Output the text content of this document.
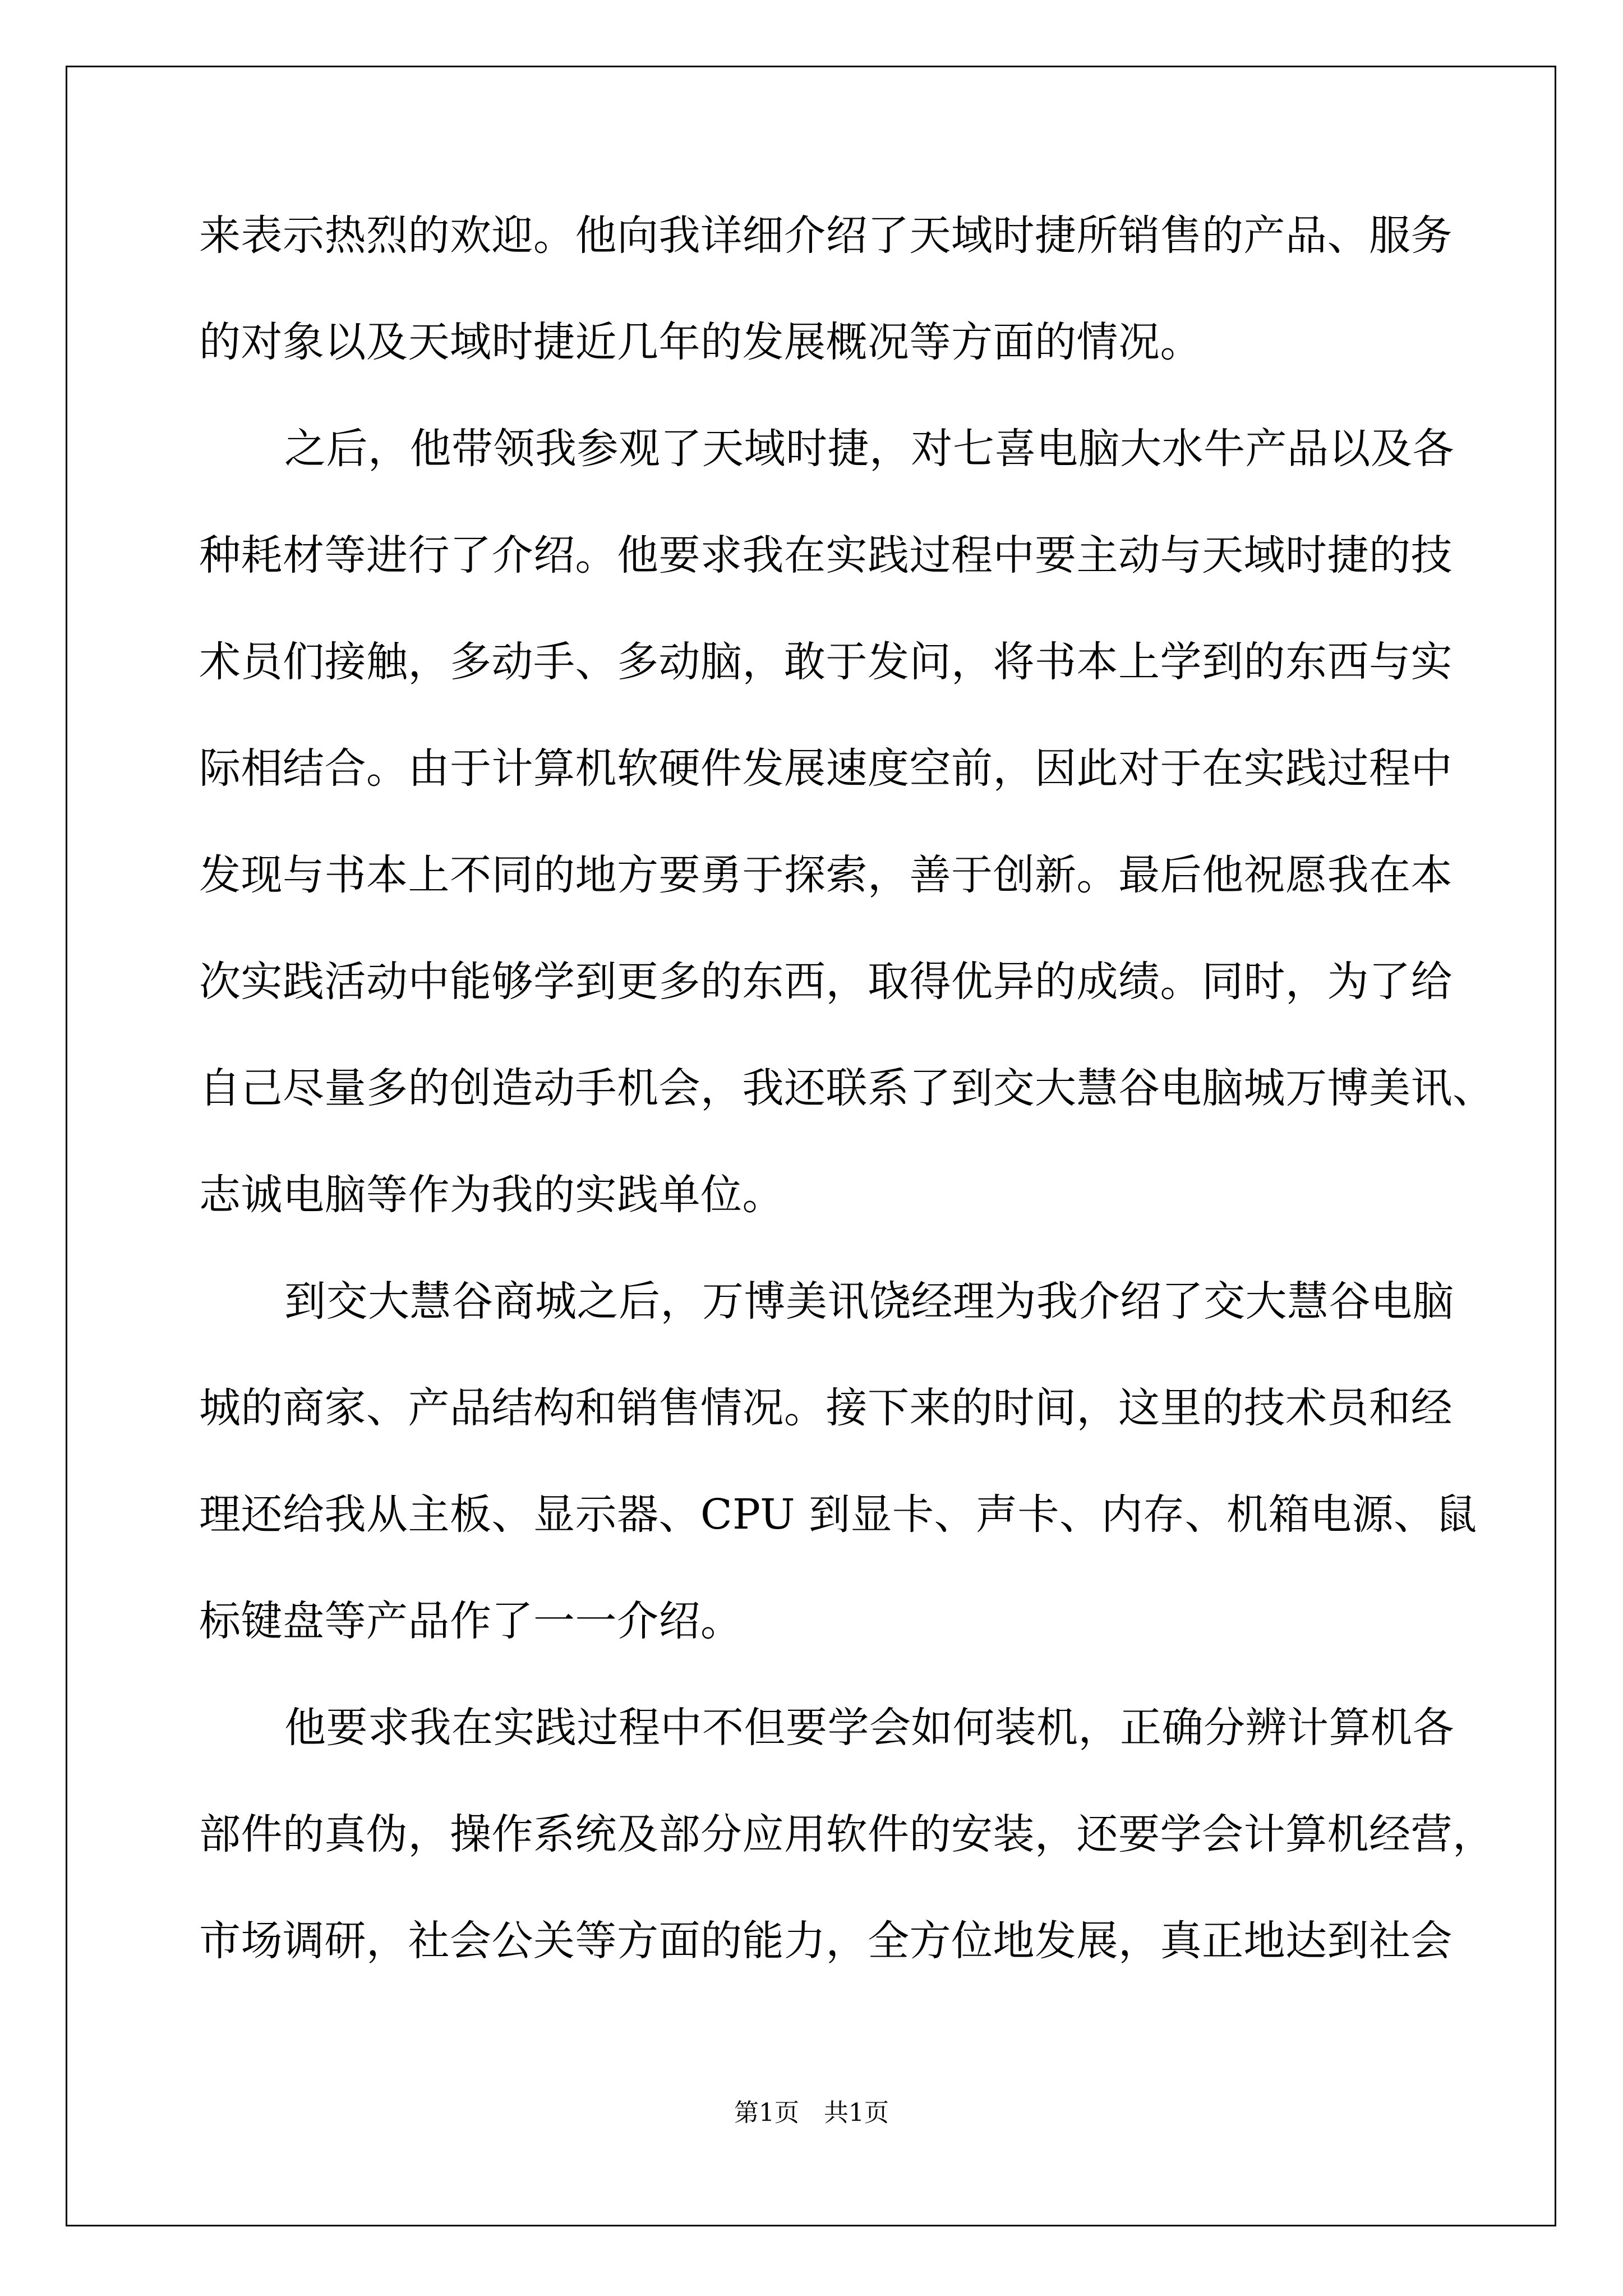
来表示热烈的欢迎。他向我详细介绍了天域时捷所销售的产品、服务
的对象以及天域时捷近几年的发展概况等方面的情况。
之后，他带领我参观了天域时捷，对七喜电脑大水牛产品以及各
种耗材等进行了介绍。他要求我在实践过程中要主动与天域时捷的技
术员们接触，多动手、多动脑，敢于发问，将书本上学到的东西与实
际相结合。由于计算机软硬件发展速度空前，因此对于在实践过程中
发现与书本上不同的地方要勇于探索，善于创新。最后他祝愿我在本
次实践活动中能够学到更多的东西，取得优异的成绩。同时，为了给
自己尽量多的创造动手机会，我还联系了到交大慧谷电脑城万博美讯、
志诚电脑等作为我的实践单位。
到交大慧谷商城之后，万博美讯饶经理为我介绍了交大慧谷电脑
城的商家、产品结构和销售情况。接下来的时间，这里的技术员和经
理还给我从主板、显示器、CPU 到显卡、声卡、内存、机箱电源、鼠
标键盘等产品作了一一介绍。
他要求我在实践过程中不但要学会如何装机，正确分辨计算机各
部件的真伪，操作系统及部分应用软件的安装，还要学会计算机经营，
市场调研，社会公关等方面的能力，全方位地发展，真正地达到社会
第1页　共1页
